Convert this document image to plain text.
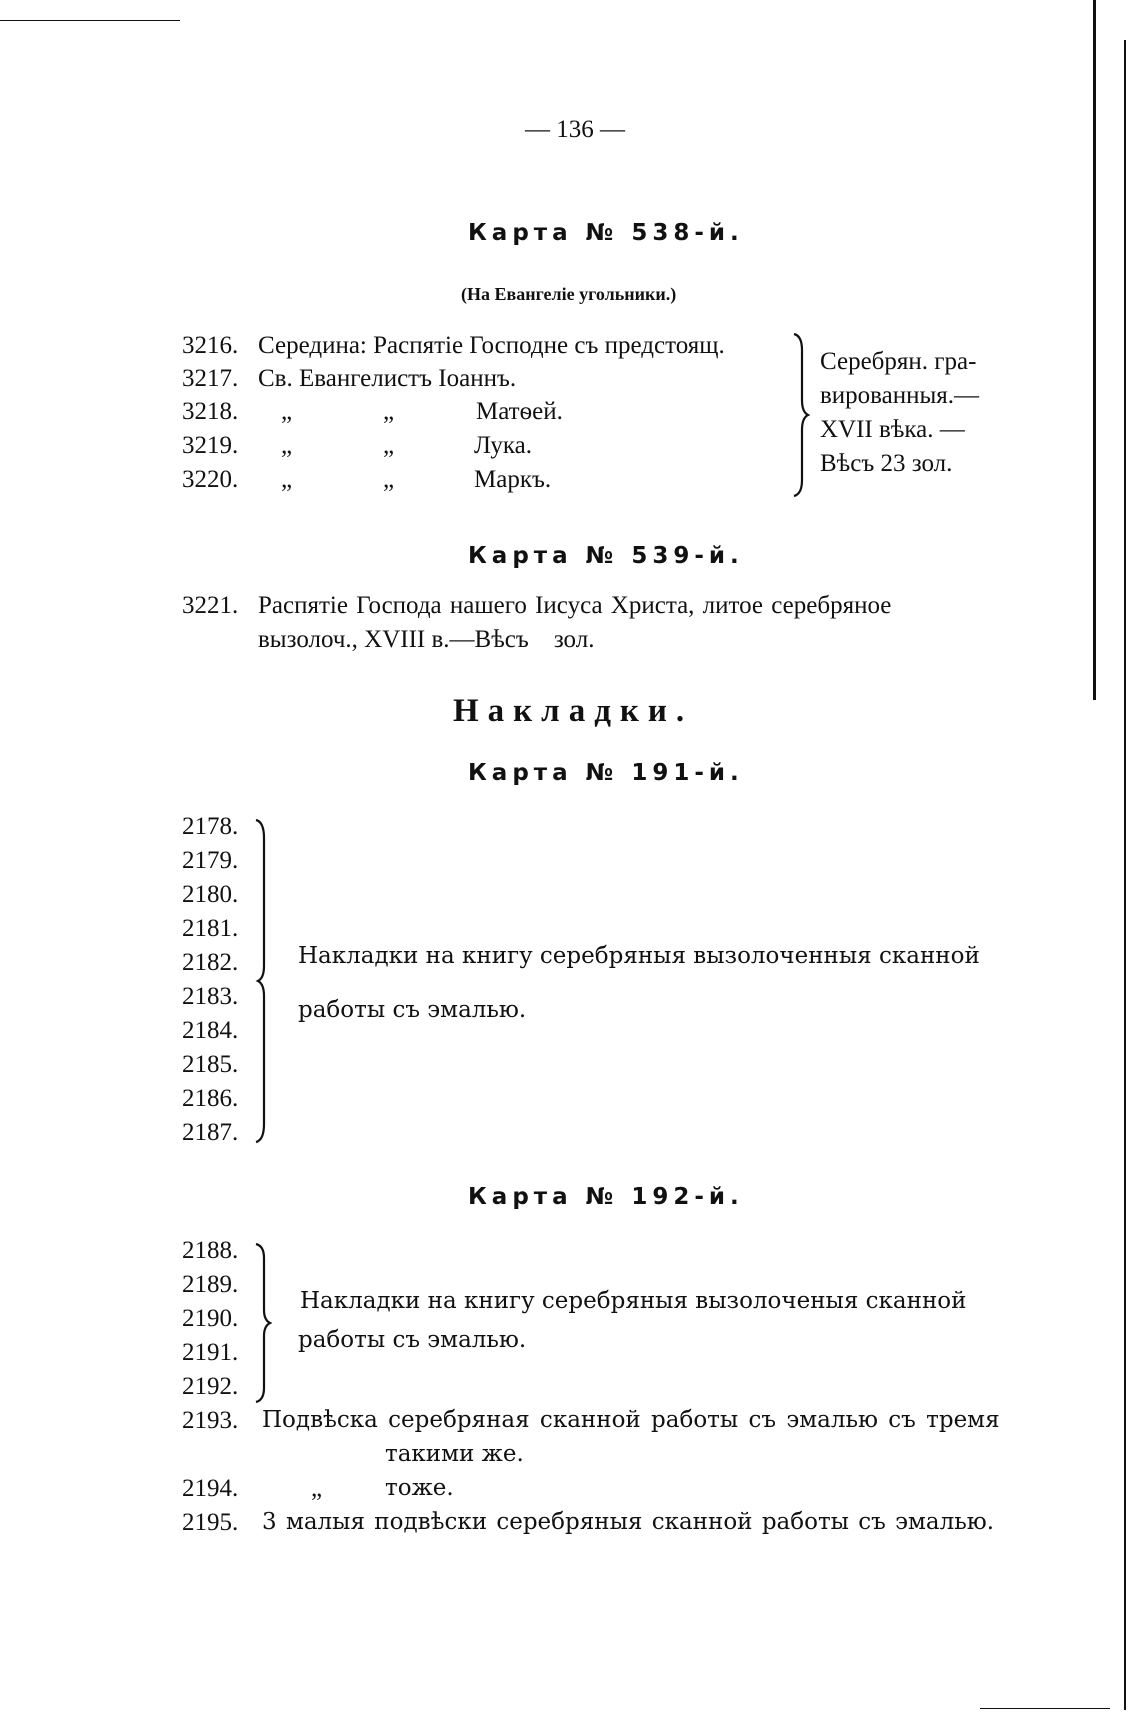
— 136 —
Карта № 538-й.
(На Евангеліе угольники.)
3216. Середина: Распятіе Господне съ предстоящ.
3217. Св. Евангелистъ Іоаннъ.
3218. „	„	Матѳей.
3219. „	„	Лука.
3220. „	„	Маркъ.
Серебрян. гра-
вированныя.—
XVII вѣка. —
Вѣсъ 23 зол.
Карта № 539-й.
3221. Распятіе Господа нашего Іисуса Христа, литое серебряное
вызолоч., XVIII в.—Вѣсъ    зол.
Накладки.
Карта № 191-й.
2178.
2179.
2180.
2181.
2182.
2183.
2184.
2185.
2186.
2187.
Накладки на книгу серебряныя вызолоченныя сканной
работы съ эмалью.
Карта № 192-й.
2188.
2189.
2190.
2191.
2192.
Накладки на книгу серебряныя вызолоченыя сканной
работы съ эмалью.
2193. Подвѣска серебряная сканной работы съ эмалью съ тремя
такими же.
2194.	„	тоже.
2195. 3 малыя подвѣски серебряныя сканной работы съ эмалью.
